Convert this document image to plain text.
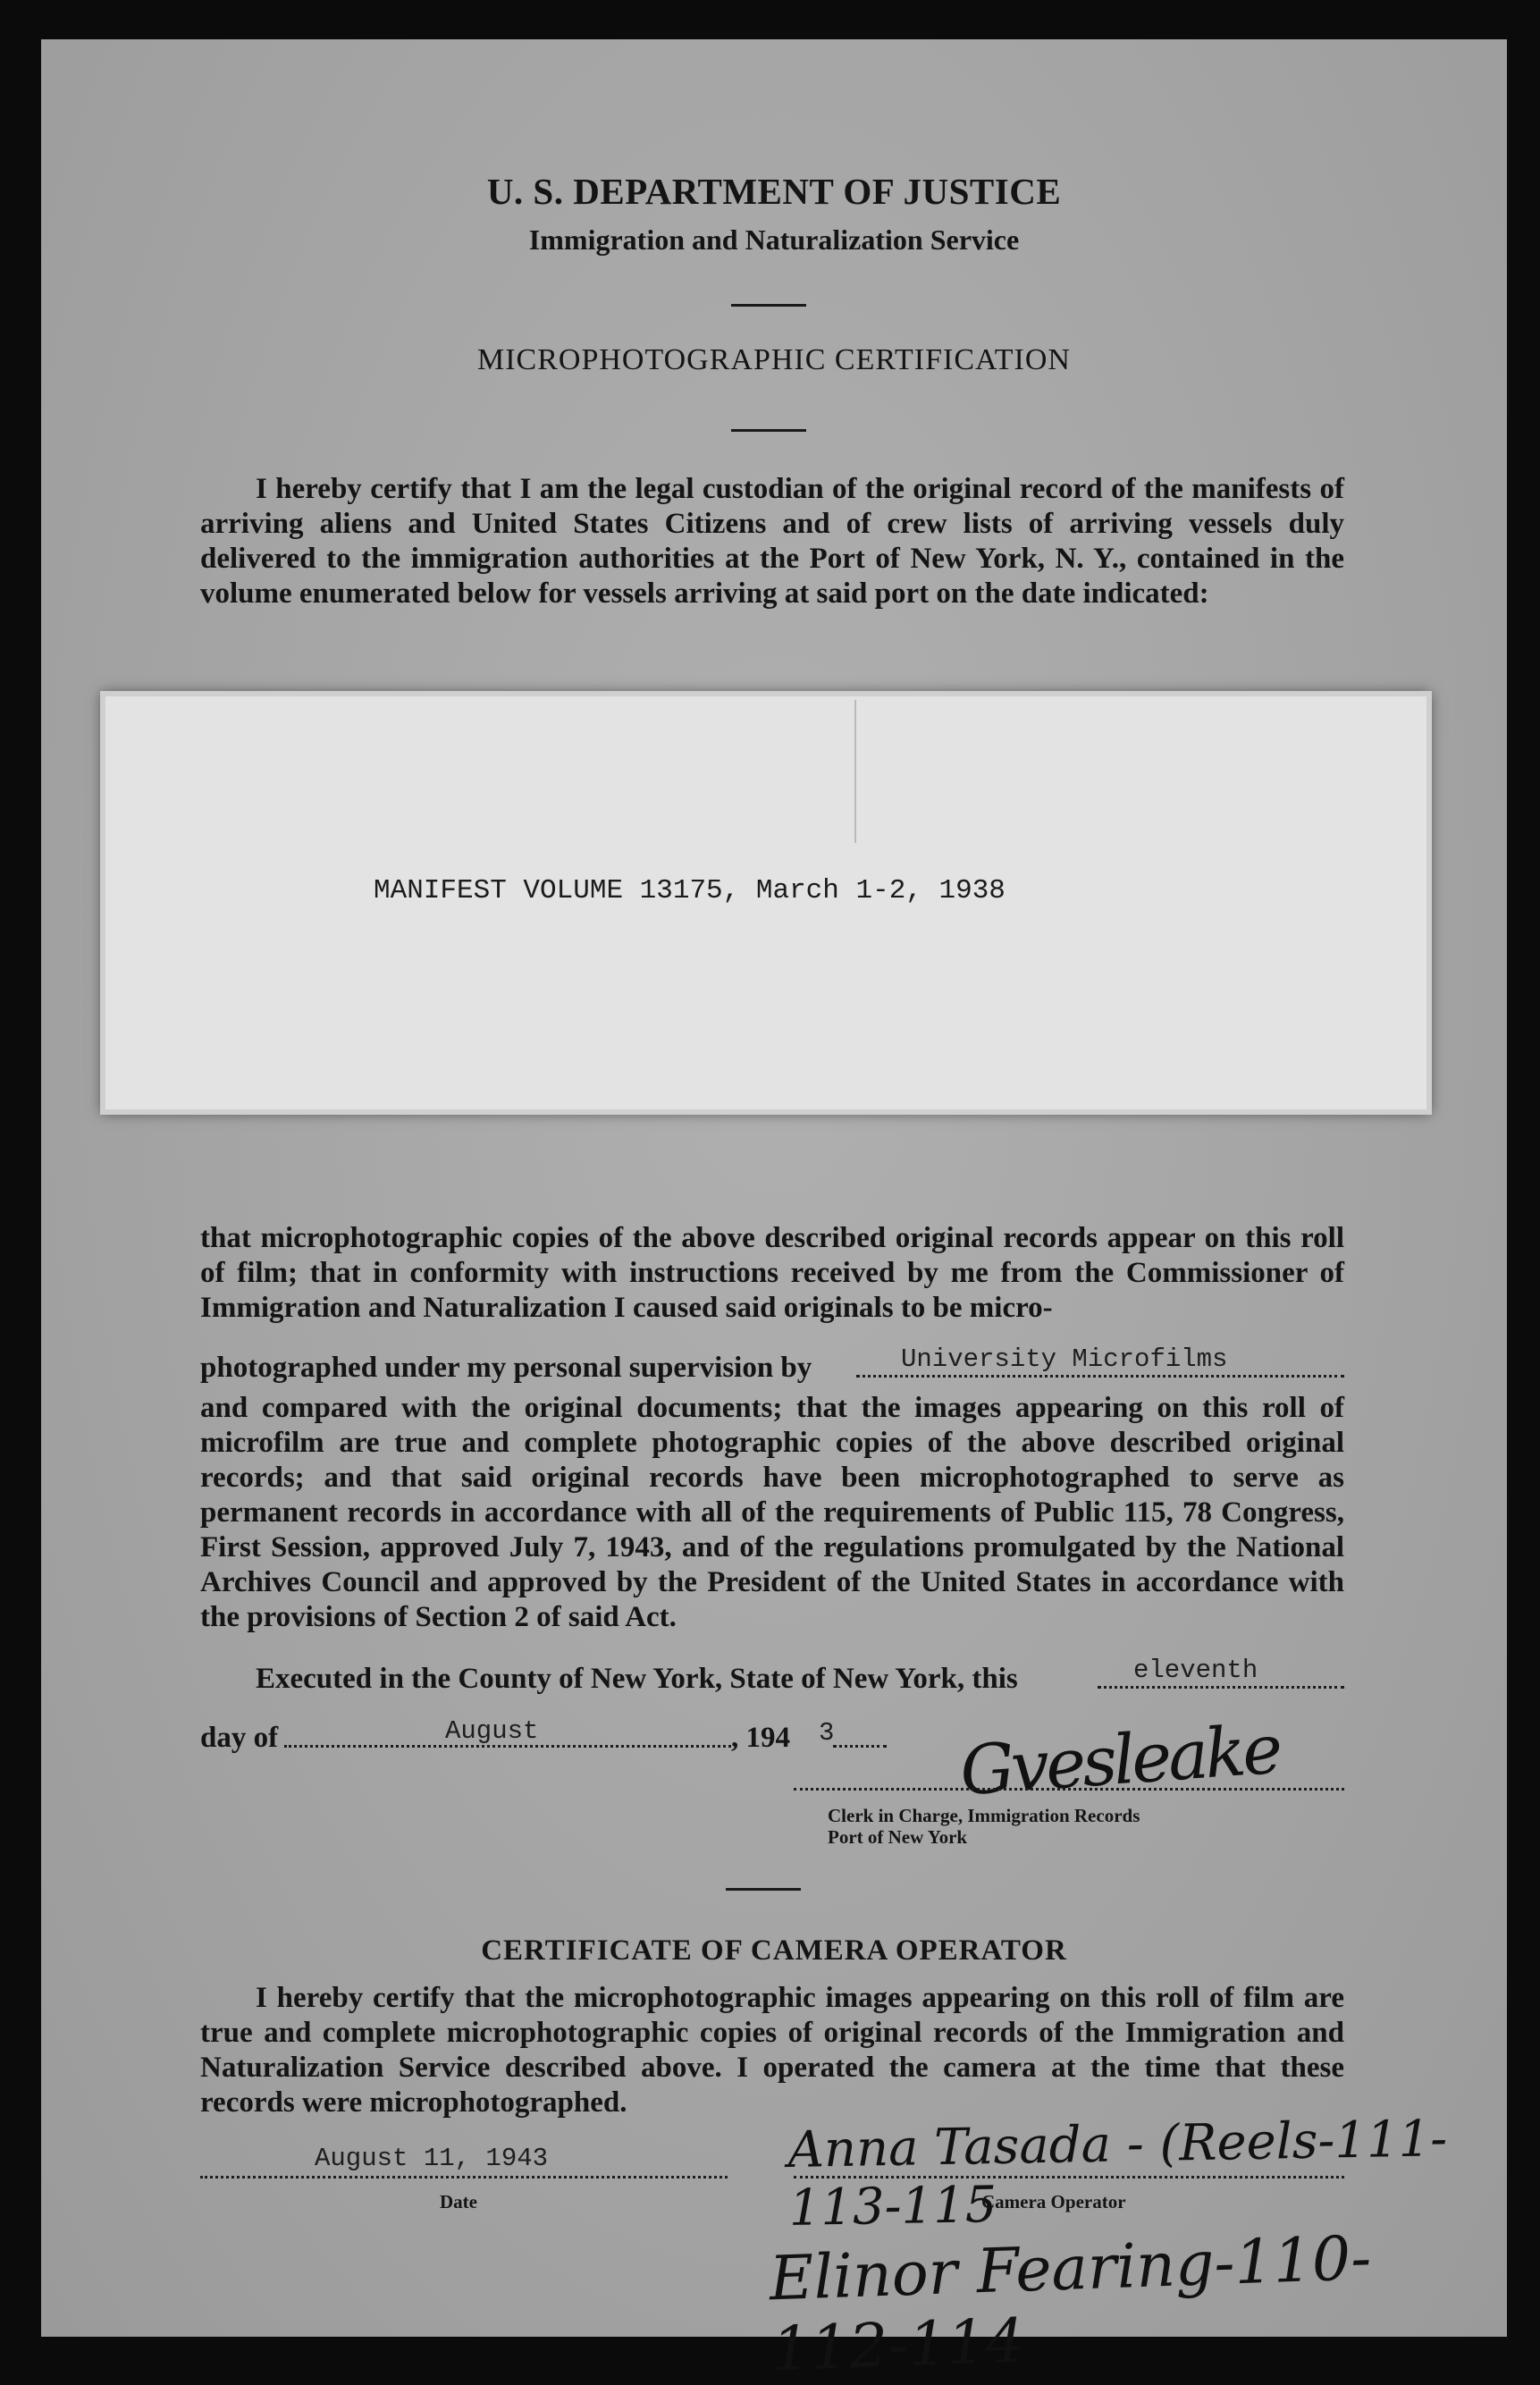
U. S. DEPARTMENT OF JUSTICE
Immigration and Naturalization Service
MICROPHOTOGRAPHIC CERTIFICATION
I hereby certify that I am the legal custodian of the original record of the manifests of arriving aliens and United States Citizens and of crew lists of arriving vessels duly delivered to the immigration authorities at the Port of New York, N. Y., contained in the volume enumerated below for vessels arriving at said port on the date indicated:
MANIFEST VOLUME 13175, March 1-2, 1938
that microphotographic copies of the above described original records appear on this roll of film; that in conformity with instructions received by me from the Commissioner of Immigration and Naturalization I caused said originals to be micro-
photographed under my personal supervision by	University Microfilms
and compared with the original documents; that the images appearing on this roll of microfilm are true and complete photographic copies of the above described original records; and that said original records have been microphotographed to serve as permanent records in accordance with all of the requirements of Public 115, 78 Congress, First Session, approved July 7, 1943, and of the regulations promulgated by the National Archives Council and approved by the President of the United States in accordance with the provisions of Section 2 of said Act.
Executed in the County of New York, State of New York, this	eleventh
day of	August	, 194 3 Gvesleake
Clerk in Charge, Immigration Records
Port of New York
CERTIFICATE OF CAMERA OPERATOR
I hereby certify that the microphotographic images appearing on this roll of film are true and complete microphotographic copies of original records of the Immigration and Naturalization Service described above. I operated the camera at the time that these records were microphotographed.
August 11, 1943
Date
Anna Tasada - (Reels-111-113-115
Camera Operator
Elinor Fearing-110-112-114
